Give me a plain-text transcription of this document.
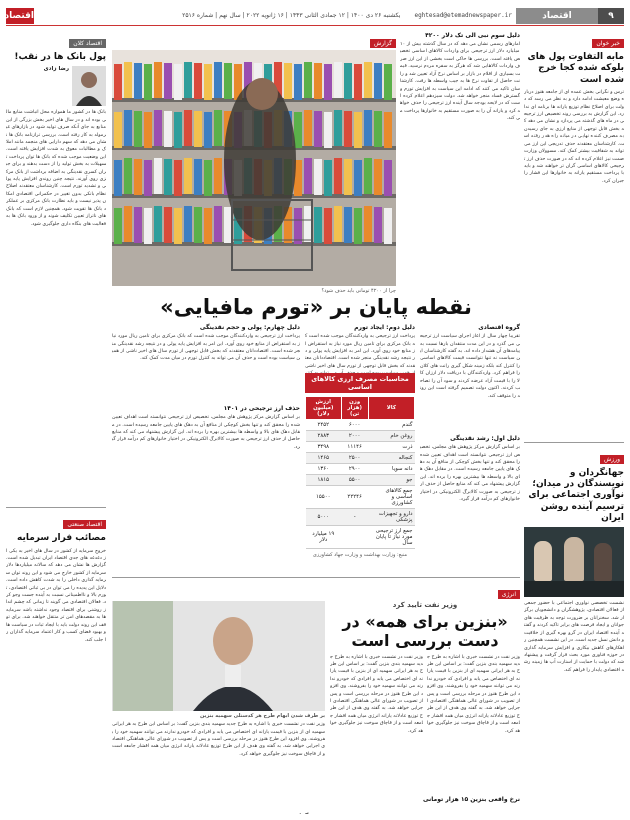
۹
اقتصاد
eghtesad@etemadnewspaper.ir
یکشنبه ۲۶ دی ۱۴۰۰ | ۱۲ جمادی الثانی ۱۴۴۳ | ۱۶ ژانویه ۲۰۲۲ | سال نهم | شماره ۲۵۱۶
اقتصاد
خبر خوان
مابه التفاوت پول های بلوکه شده کجا خرج شده است
ترس و نگرانی بخش عمده ای از جامعه هنوز درباره وضع معیشت ادامه دارد و به نظر می رسد که دولت برای اصلاح نظام توزیع یارانه ها برنامه ای ندارد. این گزارش به بررسی روند تخصیص ارز ترجیحی در ماه های گذشته می پردازد و نشان می دهد که بخش قابل توجهی از منابع ارزی به جای رسیدن به مصرف کننده نهایی در میانه راه هدر رفته است. کارشناسان معتقدند حذف تدریجی این ارز می تواند به شفافیت بیشتر کمک کند. مسوولان وزارت صمت نیز اعلام کرده اند که در صورت حذف ارز ترجیحی کالاهای اساسی گران تر خواهند شد و باید با پرداخت مستقیم یارانه به خانوارها این فشار را جبران کرد.
ورزش
جهانگردان و نویسندگان در میدان؛ نوآوری اجتماعی برای ترسیم آینده روشن ایران
نشست تخصصی نوآوری اجتماعی با حضور جمعی از فعالان اقتصادی، پژوهشگران و دانشجویان برگزار شد. سخنرانان بر ضرورت توجه به ظرفیت های جوانان و ایجاد فرصت های برابر تاکید کردند و گفتند آینده اقتصاد ایران در گرو بهره گیری از خلاقیت و دانش نسل جدید است. در این نشست همچنین راهکارهای کاهش بیکاری و افزایش سرمایه گذاری در حوزه فناوری مورد بحث قرار گرفت و پیشنهاد شد که دولت با حمایت از استارت آپ ها زمینه رشد اقتصادی پایدار را فراهم کند.
دلیل سوم نبی الی تک دلار ۴۲۰۰
آمارهای رسمی نشان می دهد که در سال گذشته بیش از ۱۰ میلیارد دلار ارز ترجیحی برای واردات کالاهای اساسی تخصیص یافته است. بررسی ها حاکی است بخشی از این ارز صرف واردات کالاهایی شد که هرگز به سفره مردم نرسید. قیمت بسیاری از اقلام در بازار بر اساس نرخ آزاد تعیین شد و رانت حاصل از تفاوت نرخ ها به جیب واسطه ها رفت. کارشناسان تاکید می کنند که ادامه این سیاست به افزایش تورم و گسترش فساد منجر خواهد شد. دولت سیزدهم اعلام کرده است که در لایحه بودجه سال آینده ارز ترجیحی را حذف خواهد کرد و یارانه آن را به صورت مستقیم به خانوارها پرداخت می کند.
گزارش
چرا از ۴۲۰۰ تومانی باید حذف شود؟
نقطه پایان بر «تورم مافیایی»
گروه اقتصادی
تقریبا چهار سال از آغاز اجرای سیاست ارز ترجیحی می گذرد و در این مدت منتقدان بارها نسبت به پیامدهای آن هشدار داده اند. به گفته کارشناسان این سیاست نه تنها نتوانست قیمت کالاهای اساسی را کنترل کند بلکه زمینه شکل گیری رانت های کلان را فراهم کرد. واردکنندگان با دریافت دلار ارزان کالا را با قیمت آزاد عرضه کردند و سود آن را تصاحب کردند. اکنون دولت تصمیم گرفته است این روند را متوقف کند.
دلیل اول: رشد نقدینگی
بر اساس گزارش مرکز پژوهش های مجلس، تخصیص ارز ترجیحی نتوانسته است اهداف تعیین شده را محقق کند و تنها بخش کوچکی از منافع آن به دهک های پایین جامعه رسیده است. در مقابل دهک های بالا و واسطه ها بیشترین بهره را برده اند. این گزارش پیشنهاد می کند که منابع حاصل از حذف ارز ترجیحی به صورت کالابرگ الکترونیکی در اختیار خانوارهای کم درآمد قرار گیرد.
دلیل دوم: ایجاد تورم
پرداخت ارز ترجیحی به واردکنندگان موجب شده است که بانک مرکزی برای تامین ریال مورد نیاز به استقراض از منابع خود روی آورد. این امر به افزایش پایه پولی و در نتیجه رشد نقدینگی منجر شده است. اقتصاددانان معتقدند که بخش قابل توجهی از تورم سال های اخیر ناشی
محاسبات مصرف ارزی کالاهای اساسی
کالا	وزن (هزار تن)	ارزش (میلیون دلار)
گندم	۶۰۰۰	۲۴۵۲
روغن خام	۲۰۰۰	۲۸۸۳
ذرت	۱۱۱۴۶	۳۴۹۸
کنجاله	۲۵۰۰	۱۴۶۵
دانه سویا	۲۹۰۰	۱۳۶۰
جو	۵۵۰۰	۱۸۱۵
جمع کالاهای اساسی و کشاورزی	۲۲۲۴۶	۱۵۵۰۰
دارو و تجهیزات پزشکی	-	۵۰۰۰
جمع ارز ترجیحی مورد نیاز تا پایان سال		۱۹ میلیارد دلار
منبع: وزارت بهداشت و وزارت جهاد کشاورزی
دلیل چهارم: پولی و حجم نقدینگی
پرداخت ارز ترجیحی به واردکنندگان موجب شده است که بانک مرکزی برای تامین ریال مورد نیاز به استقراض از منابع خود روی آورد. این امر به افزایش پایه پولی و در نتیجه رشد نقدینگی منجر شده است. اقتصاددانان معتقدند که بخش قابل توجهی از تورم سال های اخیر ناشی از همین سیاست بوده است و حذف آن می تواند به کنترل تورم در میان مدت کمک کند.
حذف ارز ترجیحی در ۱۴۰۱
بر اساس گزارش مرکز پژوهش های مجلس، تخصیص ارز ترجیحی نتوانسته است اهداف تعیین شده را محقق کند و تنها بخش کوچکی از منافع آن به دهک های پایین جامعه رسیده است. در مقابل دهک های بالا و واسطه ها بیشترین بهره را برده اند. این گزارش پیشنهاد می کند که منابع حاصل از حذف ارز ترجیحی به صورت کالابرگ الکترونیکی در اختیار خانوارهای کم درآمد قرار گیرد.
انرژی
وزیر نفت تایید کرد
«بنزین برای همه» در دست بررسی است
وزیر نفت در نشست خبری با اشاره به طرح جدید سهمیه بندی بنزین گفت: بر اساس این طرح به هر ایرانی سهمیه ای از بنزین با قیمت یارانه ای اختصاص می یابد و افرادی که خودرو ندارند می توانند سهمیه خود را بفروشند. وی افزود این طرح هنوز در مرحله بررسی است و پس از تصویب در شورای عالی هماهنگی اقتصادی اجرایی خواهد شد. به گفته وی هدف از این طرح توزیع عادلانه یارانه انرژی میان همه اقشار جامعه است و از قاچاق سوخت نیز جلوگیری خواهد کرد.
وزیر نفت در نشست خبری با اشاره به طرح جدید سهمیه بندی بنزین گفت: بر اساس این طرح به هر ایرانی سهمیه ای از بنزین با قیمت یارانه ای اختصاص می یابد و افرادی که خودرو ندارند می توانند سهمیه خود را بفروشند. وی افزود این طرح هنوز در مرحله بررسی است و پس از تصویب در شورای عالی هماهنگی اقتصادی اجرایی خواهد شد. به گفته وی هدف از این طرح توزیع عادلانه یارانه انرژی میان همه اقشار جامعه است و از قاچاق سوخت نیز جلوگیری خواهد کرد.
نرخ واقعی بنزین ۱۵ هزار تومانی
بر طرف شدن ابهام طرح هر کدسنلی سهمیه بنزین
وزیر نفت در نشست خبری با اشاره به طرح جدید سهمیه بندی بنزین گفت: بر اساس این طرح به هر ایرانی سهمیه ای از بنزین با قیمت یارانه ای اختصاص می یابد و افرادی که خودرو ندارند می توانند سهمیه خود را بفروشند. وی افزود این طرح هنوز در مرحله بررسی است و پس از تصویب در شورای عالی هماهنگی اقتصادی اجرایی خواهد شد. به گفته وی هدف از این طرح توزیع عادلانه یارانه انرژی میان همه اقشار جامعه است و از قاچاق سوخت نیز جلوگیری خواهد کرد.
اقتصاد کلان
پول بانک ها در نقب!
رضا زادی
بانک ها در کشور ما همواره محل انباشت منابع مالی بوده اند و در سال های اخیر بخش بزرگی از این منابع به جای آنکه صرف تولید شود در بازارهای غیرمولد به کار رفته است. بررسی ترازنامه بانک ها نشان می دهد که سهم دارایی های منجمد مانند املاک و مطالبات معوق به شدت افزایش یافته است. این وضعیت موجب شده که بانک ها توان پرداخت تسهیلات به بخش تولید را از دست بدهند و برای جبران کسری نقدینگی به اضافه برداشت از بانک مرکزی روی آورند. نتیجه چنین روندی افزایش پایه پولی و تشدید تورم است. کارشناسان معتقدند اصلاح نظام بانکی بدون تغییر در حکمرانی اقتصادی امکان پذیر نیست و باید نظارت بانک مرکزی بر عملکرد بانک ها تقویت شود. همچنین لازم است که بانک های ناتراز تعیین تکلیف شوند و از ورود بانک ها به فعالیت های بنگاه داری جلوگیری شود.
اقتصاد صنعتی
مصائب فرار سرمایه
خروج سرمایه از کشور در سال های اخیر به یکی از دغدغه های جدی اقتصاد ایران تبدیل شده است. گزارش ها نشان می دهد که سالانه میلیاردها دلار سرمایه از کشور خارج می شود و این روند توان سرمایه گذاری داخلی را به شدت کاهش داده است. دلایل این پدیده را می توان در بی ثباتی اقتصادی، تورم بالا و نااطمینانی نسبت به آینده جست وجو کرد. فعالان اقتصادی می گویند تا زمانی که چشم انداز روشنی برای اقتصاد وجود نداشته باشد سرمایه ها به مقصدهای امن تر منتقل خواهند شد. برای توقف این روند دولت باید با ایجاد ثبات در سیاست ها و بهبود فضای کسب و کار اعتماد سرمایه گذاران را جلب کند.
